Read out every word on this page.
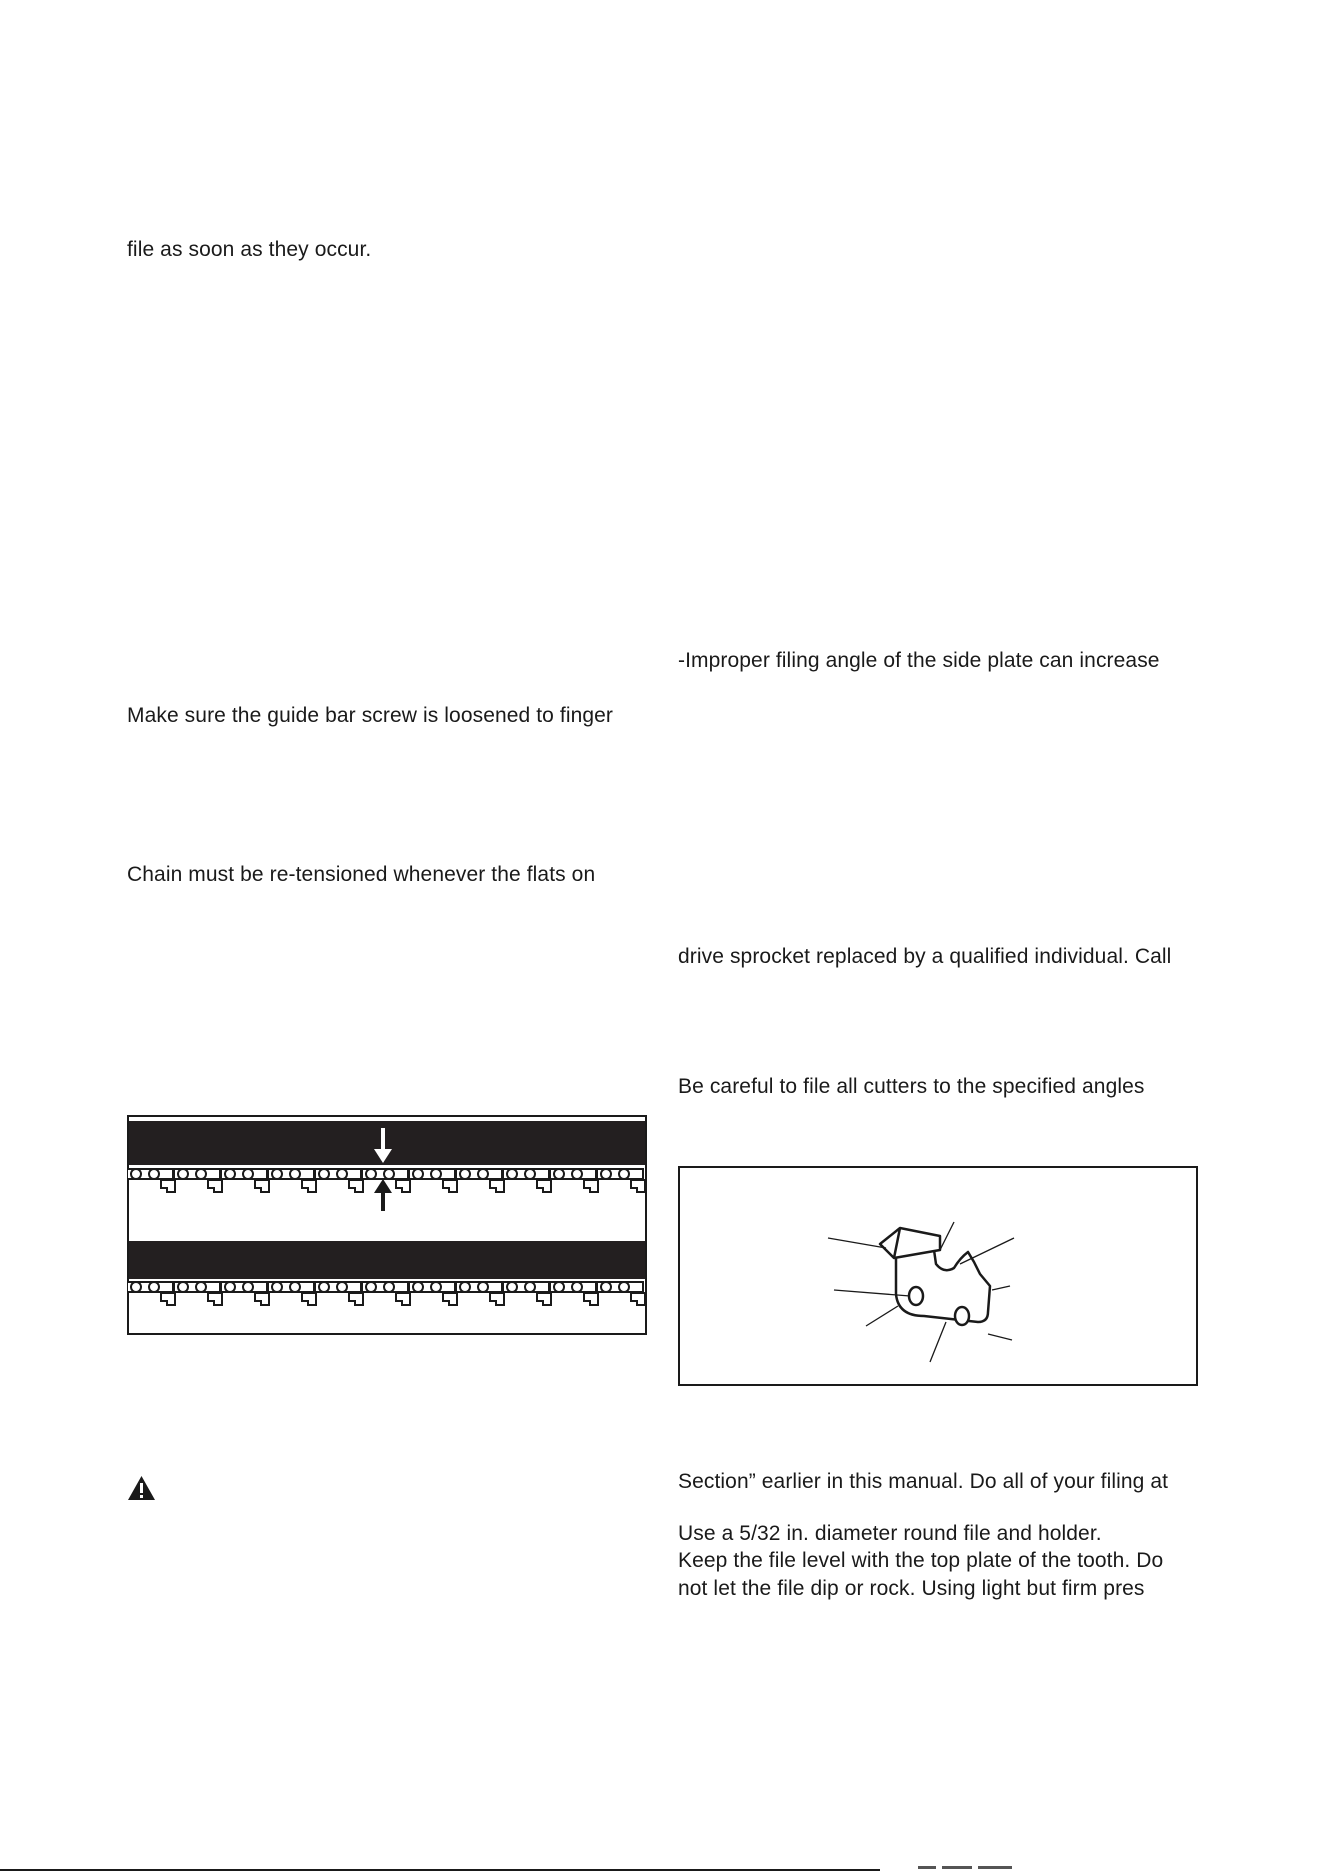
file as soon as they occur.

Make sure the guide bar screw is loosened to finger

Chain must be re-tensioned whenever the flats on

-Improper filing angle of the side plate can increase

drive sprocket replaced by a qualified individual. Call

Be careful to file all cutters to the specified angles

Section” earlier in this manual. Do all of your filing at

Use a 5/32 in. diameter round file and holder.

Keep the file level with the top plate of the tooth. Do

not let the file dip or rock. Using light but firm pres
